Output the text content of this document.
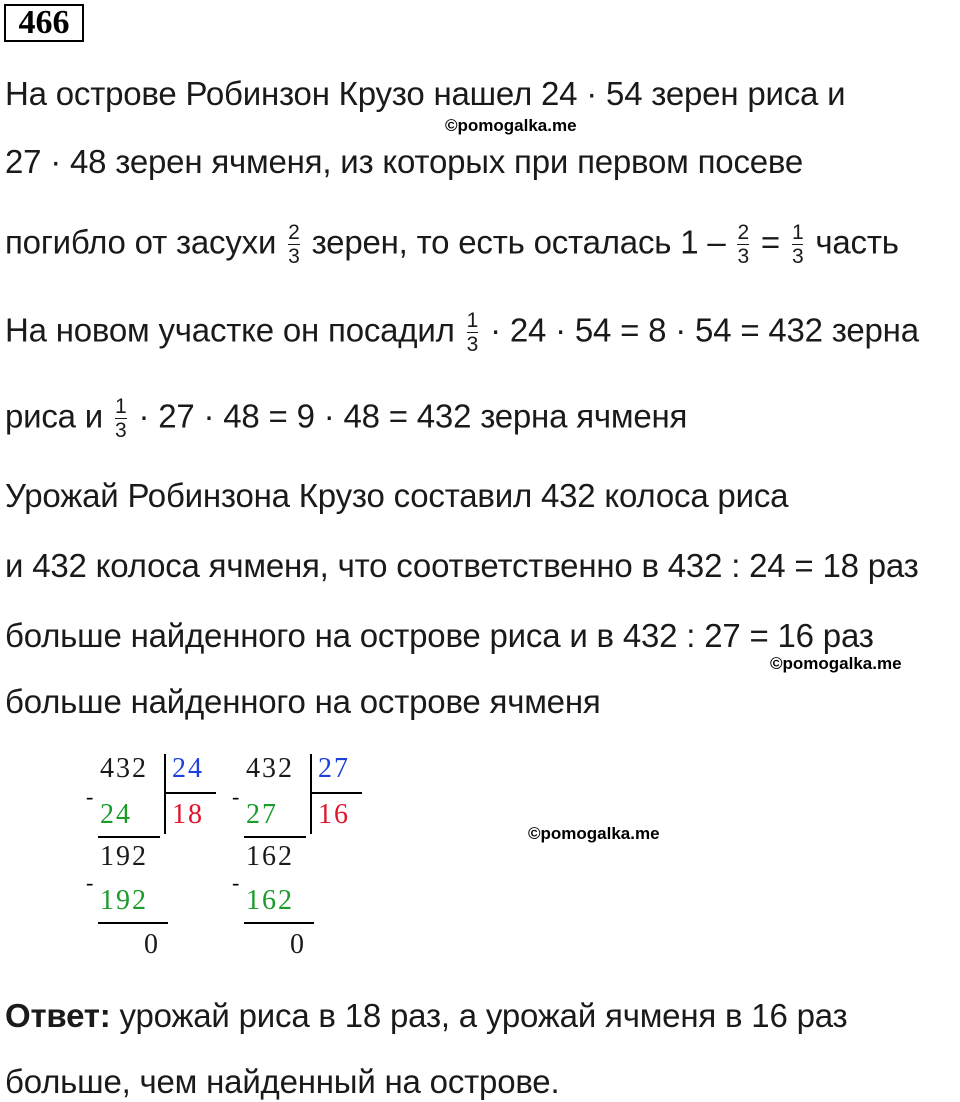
466
На острове Робинзон Крузо нашел 24 · 54 зерен риса и
©pomogalka.me
27 · 48 зерен ячменя, из которых при первом посеве
погибло от засухи $\frac{2}{3}$ зерен, то есть осталась $1 - \frac{2}{3} = \frac{1}{3}$ часть
На новом участке он посадил $\frac{1}{3} \cdot 24 \cdot 54 = 8 \cdot 54 = 432$ зерна
риса и $\frac{1}{3} \cdot 27 \cdot 48 = 9 \cdot 48 = 432$ зерна ячменя
Урожай Робинзона Крузо составил 432 колоса риса
и 432 колоса ячменя, что соответственно в 432 : 24 = 18 раз
больше найденного на острове риса и в 432 : 27 = 16 раз
©pomogalka.me
больше найденного на острове ячменя
432 24
-
24 18
192
-
192
0
432 27
-
27 16
162
-
162
0
©pomogalka.me
Ответ: урожай риса в 18 раз, а урожай ячменя в 16 раз
больше, чем найденный на острове.
